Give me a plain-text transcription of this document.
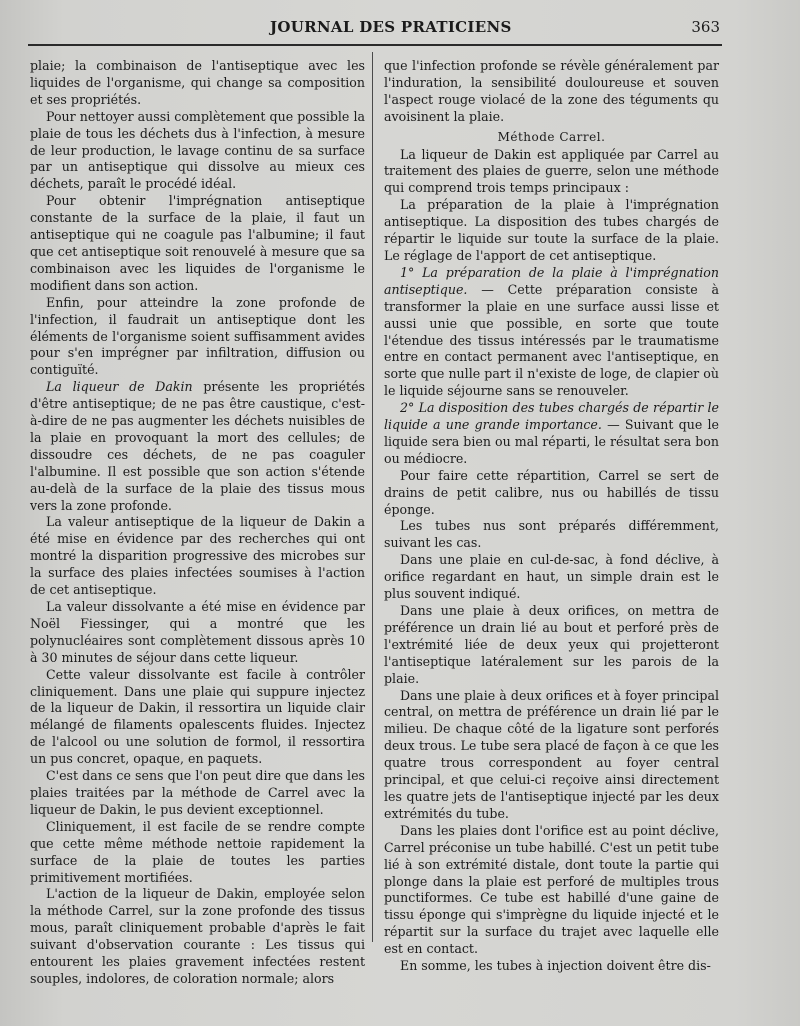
JOURNAL DES PRATICIENS	363

plaie; la combinaison de l'antiseptique avec les liquides de l'organisme, qui change sa composition et ses propriétés.

Pour nettoyer aussi complètement que possible la plaie de tous les déchets dus à l'infection, à mesure de leur production, le lavage continu de sa surface par un antiseptique qui dissolve au mieux ces déchets, paraît le procédé idéal.

Pour obtenir l'imprégnation antiseptique constante de la surface de la plaie, il faut un antiseptique qui ne coagule pas l'albumine; il faut que cet antiseptique soit renouvelé à mesure que sa combinaison avec les liquides de l'organisme le modifient dans son action.

Enfin, pour atteindre la zone profonde de l'infection, il faudrait un antiseptique dont les éléments de l'organisme soient suffisamment avides pour s'en imprégner par infiltration, diffusion ou contiguïté.

La liqueur de Dakin présente les propriétés d'être antiseptique; de ne pas être caustique, c'est-à-dire de ne pas augmenter les déchets nuisibles de la plaie en provoquant la mort des cellules; de dissoudre ces déchets, de ne pas coaguler l'albumine. Il est possible que son action s'étende au-delà de la surface de la plaie des tissus mous vers la zone profonde.

La valeur antiseptique de la liqueur de Dakin a été mise en évidence par des recherches qui ont montré la disparition progressive des microbes sur la surface des plaies infectées soumises à l'action de cet antiseptique.

La valeur dissolvante a été mise en évidence par Noël Fiessinger, qui a montré que les polynucléaires sont complètement dissous après 10 à 30 minutes de séjour dans cette liqueur.

Cette valeur dissolvante est facile à contrôler cliniquement. Dans une plaie qui suppure injectez de la liqueur de Dakin, il ressortira un liquide clair mélangé de filaments opalescents fluides. Injectez de l'alcool ou une solution de formol, il ressortira un pus concret, opaque, en paquets.

C'est dans ce sens que l'on peut dire que dans les plaies traitées par la méthode de Carrel avec la liqueur de Dakin, le pus devient exceptionnel.

Cliniquement, il est facile de se rendre compte que cette même méthode nettoie rapidement la surface de la plaie de toutes les parties primitivement mortifiées.

L'action de la liqueur de Dakin, employée selon la méthode Carrel, sur la zone profonde des tissus mous, paraît cliniquement probable d'après le fait suivant d'observation courante : Les tissus qui entourent les plaies gravement infectées restent souples, indolores, de coloration normale; alors

que l'infection profonde se révèle généralement par l'induration, la sensibilité douloureuse et souven l'aspect rouge violacé de la zone des téguments qu avoisinent la plaie.

Méthode Carrel.

La liqueur de Dakin est appliquée par Carrel au traitement des plaies de guerre, selon une méthode qui comprend trois temps principaux :

La préparation de la plaie à l'imprégnation antiseptique. La disposition des tubes chargés de répartir le liquide sur toute la surface de la plaie. Le réglage de l'apport de cet antiseptique.

1° La préparation de la plaie à l'imprégnation antiseptique. — Cette préparation consiste à transformer la plaie en une surface aussi lisse et aussi unie que possible, en sorte que toute l'étendue des tissus intéressés par le traumatisme entre en contact permanent avec l'antiseptique, en sorte que nulle part il n'existe de loge, de clapier où le liquide séjourne sans se renouveler.

2° La disposition des tubes chargés de répartir le liquide a une grande importance. — Suivant que le liquide sera bien ou mal réparti, le résultat sera bon ou médiocre.

Pour faire cette répartition, Carrel se sert de drains de petit calibre, nus ou habillés de tissu éponge.

Les tubes nus sont préparés différemment, suivant les cas.

Dans une plaie en cul-de-sac, à fond déclive, à orifice regardant en haut, un simple drain est le plus souvent indiqué.

Dans une plaie à deux orifices, on mettra de préférence un drain lié au bout et perforé près de l'extrémité liée de deux yeux qui projetteront l'antiseptique latéralement sur les parois de la plaie.

Dans une plaie à deux orifices et à foyer principal central, on mettra de préférence un drain lié par le milieu. De chaque côté de la ligature sont perforés deux trous. Le tube sera placé de façon à ce que les quatre trous correspondent au foyer central principal, et que celui-ci reçoive ainsi directement les quatre jets de l'antiseptique injecté par les deux extrémités du tube.

Dans les plaies dont l'orifice est au point déclive, Carrel préconise un tube habillé. C'est un petit tube lié à son extrémité distale, dont toute la partie qui plonge dans la plaie est perforé de multiples trous punctiformes. Ce tube est habillé d'une gaine de tissu éponge qui s'imprègne du liquide injecté et le répartit sur la surface du trajet avec laquelle elle est en contact.

En somme, les tubes à injection doivent être dis-
